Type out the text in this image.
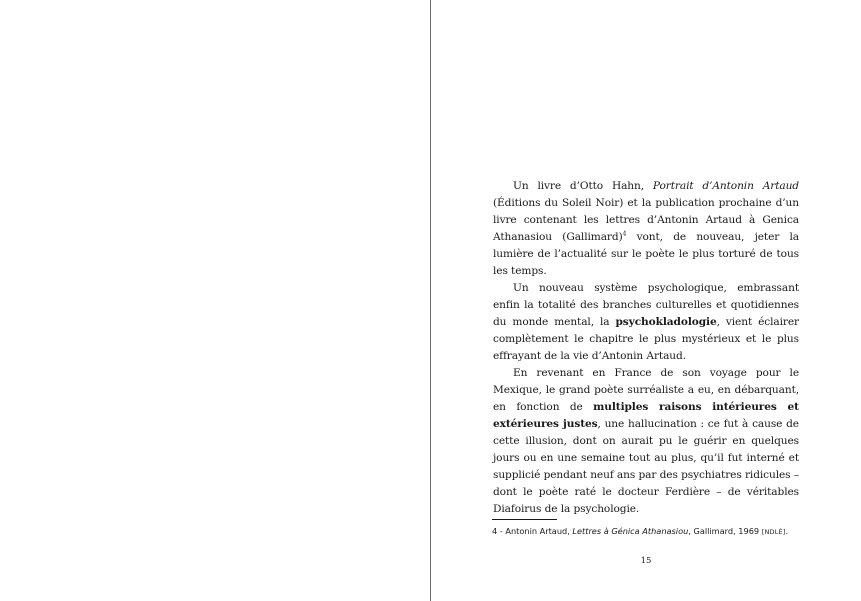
Un livre d’Otto Hahn, Portrait d’Antonin Artaud (Éditions du Soleil Noir) et la publication prochaine d’un livre contenant les lettres d’Antonin Artaud à Genica Athanasiou (Gallimard)$^4$ vont, de nouveau, jeter la lumière de l’actualité sur le poète le plus torturé de tous les temps.

Un nouveau système psychologique, embrassant enfin la totalité des branches culturelles et quotidiennes du monde mental, la psychokladologie, vient éclairer complètement le chapitre le plus mystérieux et le plus effrayant de la vie d’Antonin Artaud.

En revenant en France de son voyage pour le Mexique, le grand poète surréaliste a eu, en débarquant, en fonction de multiples raisons intérieures et extérieures justes, une hallucination : ce fut à cause de cette illusion, dont on aurait pu le guérir en quelques jours ou en une semaine tout au plus, qu’il fut interné et supplicié pendant neuf ans par des psychiatres ridicules – dont le poète raté le docteur Ferdière – de véritables Diafoirus de la psychologie.

4 - Antonin Artaud, Lettres à Génica Athanasiou, Gallimard, 1969 [NDLÉ].
15
